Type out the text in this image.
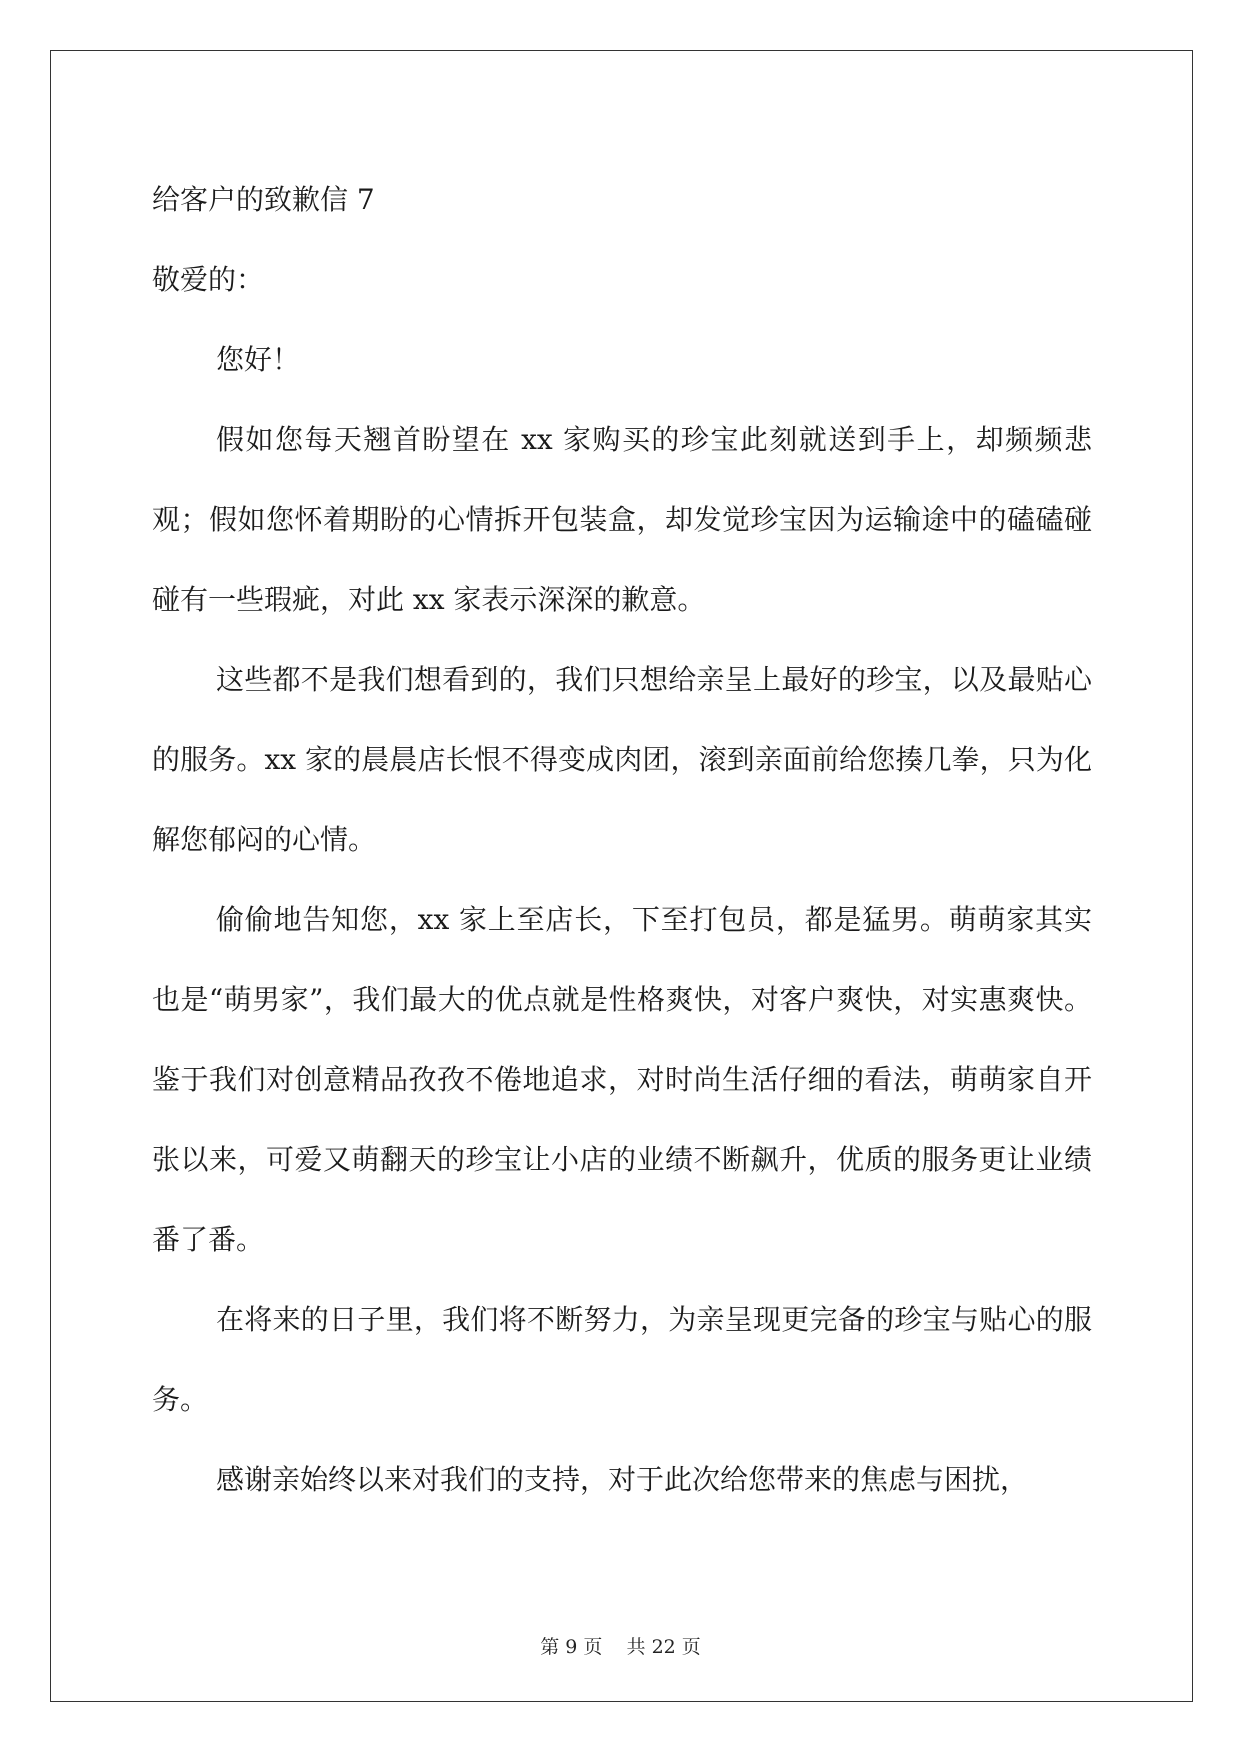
给客户的致歉信 7

敬爱的：

您好！

假如您每天翘首盼望在 xx 家购买的珍宝此刻就送到手上，却频频悲观；假如您怀着期盼的心情拆开包装盒，却发觉珍宝因为运输途中的磕磕碰碰有一些瑕疵，对此 xx 家表示深深的歉意。

这些都不是我们想看到的，我们只想给亲呈上最好的珍宝，以及最贴心的服务。xx 家的晨晨店长恨不得变成肉团，滚到亲面前给您揍几拳，只为化解您郁闷的心情。

偷偷地告知您，xx 家上至店长，下至打包员，都是猛男。萌萌家其实也是“萌男家”，我们最大的优点就是性格爽快，对客户爽快，对实惠爽快。鉴于我们对创意精品孜孜不倦地追求，对时尚生活仔细的看法，萌萌家自开张以来，可爱又萌翻天的珍宝让小店的业绩不断飙升，优质的服务更让业绩番了番。

在将来的日子里，我们将不断努力，为亲呈现更完备的珍宝与贴心的服务。

感谢亲始终以来对我们的支持，对于此次给您带来的焦虑与困扰，

第 9 页 共 22 页
